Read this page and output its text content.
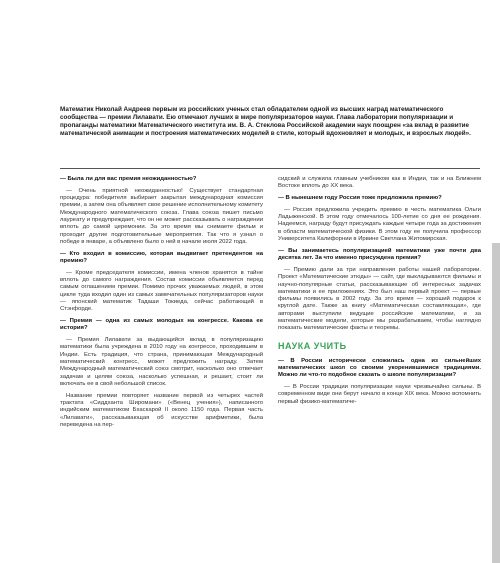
Математик Николай Андреев первым из российских ученых стал обладателем одной из высших наград математического сообщества — премии Лилавати. Ею отмечают лучших в мире популяризаторов науки. Глава лаборатории популяризации и пропаганды математики Математического института им. В. А. Стеклова Российской академии наук поощрен «за вклад в развитие математической анимации и построения математических моделей в стиле, который вдохновляет и молодых, и взрослых людей».

— Была ли для вас премия неожиданностью?

— Очень приятной неожиданностью! Существует стандартная процедура: победителя выбирает закрытая международная комиссия премии, а затем она объявляет свое решение исполнительному комитету Международного математического союза. Глава союза пишет письмо лауреату и предупреждает, что он не может рассказывать о награждении вплоть до самой церемонии. За это время мы снимаете фильм и проходит другие подготовительные мероприятия. Так что я узнал о победе в январе, а объявлено было о ней в начале июля 2022 года.

— Кто входил в комиссию, которая выдвигает претендентов на премию?

— Кроме председателя комиссии, имена членов хранятся в тайне вплоть до самого награждения. Состав комиссии объявляется перед самым оглашением премии. Помимо прочих уважаемых людей, в этом цикле туда входил один из самых замечательных популяризаторов науки — японский математик Тадаши Токиеда, сейчас работающий в Стэнфорде.

— Премия — одна из самых молодых на конгрессе. Какова ее история?

— Премия Лилавати за выдающийся вклад в популяризацию математики была учреждена в 2010 году на конгрессе, проходившем в Индии. Есть традиция, что страна, принимающая Международный математический конгресс, может предложить награду. Затем Международный математический союз смотрит, насколько оно отвечает задачам и целям союза, насколько успешная, и решает, стоит ли включать ее в свой небольшой список.

Название премии повторяет название первой из четырех частей трактата «Сиддханта Широмани» («Венец учения»), написанного индийским математиком Бхаскарой II около 1150 года. Первая часть «Лилавати», рассказывающая об искусстве арифметики, была переведена на пер-

сидский и служила главным учебником как в Индии, так и на Ближнем Востоке вплоть до XX века.

— В нынешнем году Россия тоже предложила премию?

— Россия предложила учредить премию в честь математика Ольги Ладыженской. В этом году отмечалось 100-летие со дня ее рождения. Надеемся, награду будут присуждать каждые четыре года за достижения в области математической физики. В этом году ее получила профессор Университета Калифорнии в Ирвине Светлана Житомирская.

— Вы занимаетесь популяризацией математики уже почти два десятка лет. За что именно присуждена премия?

— Премию дали за три направления работы нашей лаборатории. Проект «Математические этюды» — сайт, где выкладываются фильмы и научно-популярные статьи, рассказывающие об интересных задачах математики и ее приложениях. Это был наш первый проект — первые фильмы появились в 2002 году. За это время — хороший подарок к круглой дате. Также за книгу «Математическая составляющая», где авторами выступили ведущие российские математики, и за математические модели, которые мы разрабатываем, чтобы наглядно показать математические факты и теоремы.

НАУКА УЧИТЬ

— В России исторически сложилась одна из сильнейших математических школ со своими укоренившимися традициями. Можно ли что-то подобное сказать о школе популяризации?

— В России традиции популяризации науки чрезвычайно сильны. В современном виде они берут начало в конце XIX века. Можно вспомнить первый физико-математиче-
